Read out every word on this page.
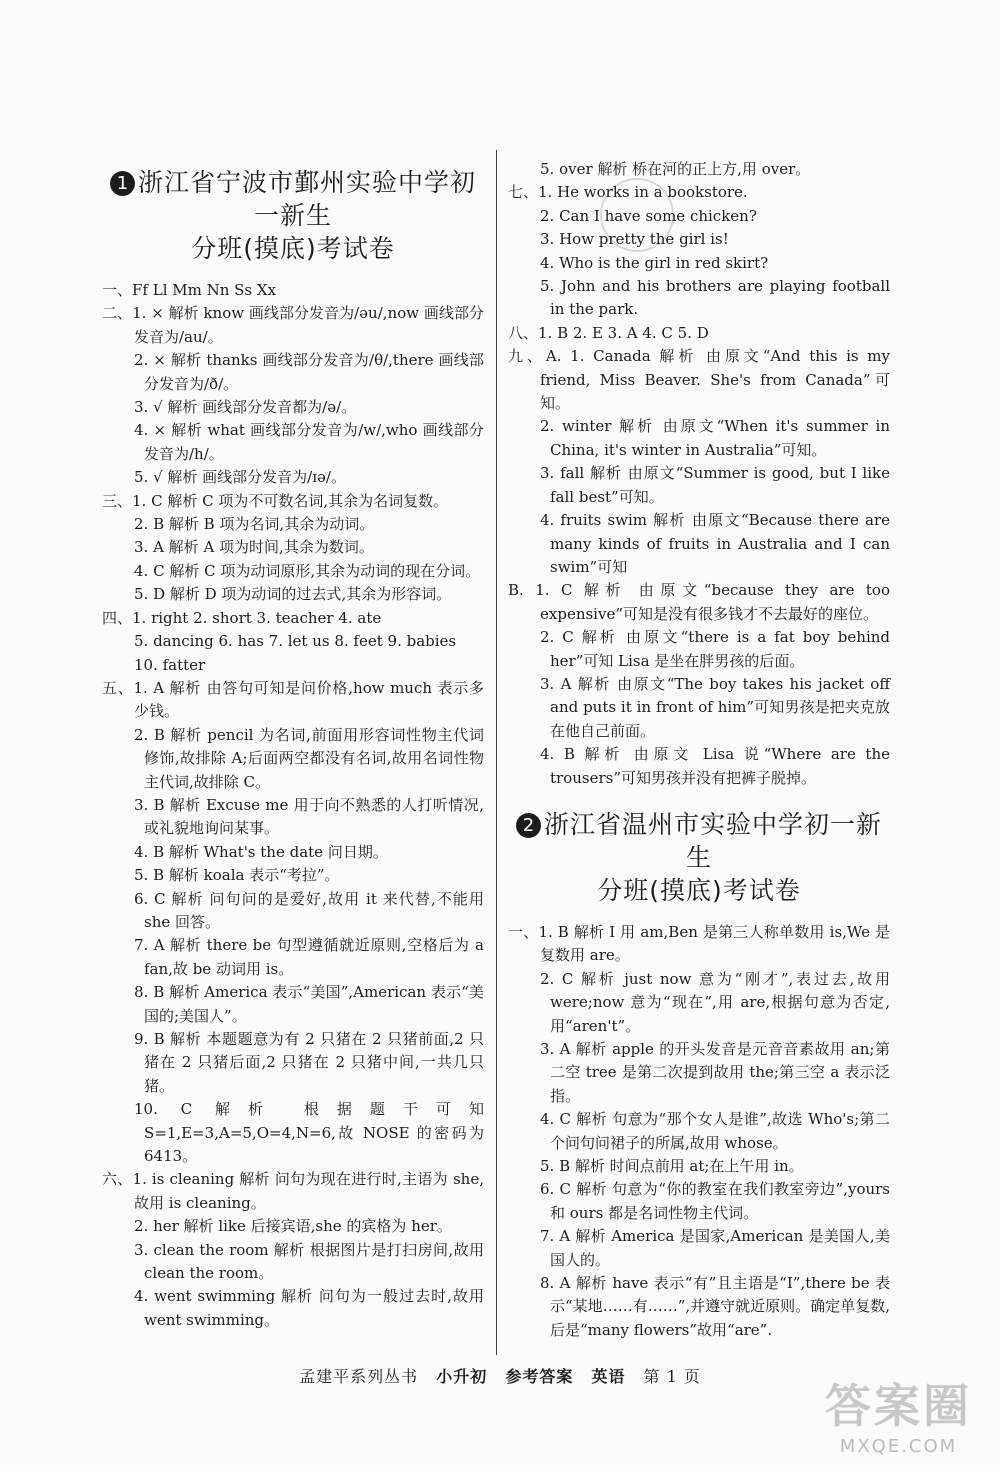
1 浙江省宁波市鄞州实验中学初一新生
分班(摸底)考试卷
一、Ff Ll Mm Nn Ss Xx
二、1. × 解析 know 画线部分发音为/əu/,now 画线部分发音为/au/。
2. × 解析 thanks 画线部分发音为/θ/,there 画线部分发音为/ð/。
3. √ 解析 画线部分发音都为/ə/。
4. × 解析 what 画线部分发音为/w/,who 画线部分发音为/h/。
5. √ 解析 画线部分发音为/ɪə/。
三、1. C 解析 C 项为不可数名词,其余为名词复数。
2. B 解析 B 项为名词,其余为动词。
3. A 解析 A 项为时间,其余为数词。
4. C 解析 C 项为动词原形,其余为动词的现在分词。
5. D 解析 D 项为动词的过去式,其余为形容词。
四、1. right 2. short 3. teacher 4. ate
5. dancing 6. has 7. let us 8. feet 9. babies
10. fatter
五、1. A 解析 由答句可知是问价格,how much 表示多少钱。
2. B 解析 pencil 为名词,前面用形容词性物主代词修饰,故排除 A;后面两空都没有名词,故用名词性物主代词,故排除 C。
3. B 解析 Excuse me 用于向不熟悉的人打听情况,或礼貌地询问某事。
4. B 解析 What's the date 问日期。
5. B 解析 koala 表示“考拉”。
6. C 解析 问句问的是爱好,故用 it 来代替,不能用 she 回答。
7. A 解析 there be 句型遵循就近原则,空格后为 a fan,故 be 动词用 is。
8. B 解析 America 表示“美国”,American 表示“美国的;美国人”。
9. B 解析 本题题意为有 2 只猪在 2 只猪前面,2 只猪在 2 只猪后面,2 只猪在 2 只猪中间,一共几只猪。
10. C 解析 根据题干可知 S=1,E=3,A=5,O=4,N=6,故 NOSE 的密码为 6413。
六、1. is cleaning 解析 问句为现在进行时,主语为 she,故用 is cleaning。
2. her 解析 like 后接宾语,she 的宾格为 her。
3. clean the room 解析 根据图片是打扫房间,故用 clean the room。
4. went swimming 解析 问句为一般过去时,故用 went swimming。
5. over 解析 桥在河的正上方,用 over。
七、1. He works in a bookstore.
2. Can I have some chicken?
3. How pretty the girl is!
4. Who is the girl in red skirt?
5. John and his brothers are playing football in the park.
八、1. B 2. E 3. A 4. C 5. D
九、A. 1. Canada 解析 由原文“And this is my friend, Miss Beaver. She's from Canada”可知。
2. winter 解析 由原文“When it's summer in China, it's winter in Australia”可知。
3. fall 解析 由原文“Summer is good, but I like fall best”可知。
4. fruits swim 解析 由原文“Because there are many kinds of fruits in Australia and I can swim”可知
B. 1. C 解析 由原文“because they are too expensive”可知是没有很多钱才不去最好的座位。
2. C 解析 由原文“there is a fat boy behind her”可知 Lisa 是坐在胖男孩的后面。
3. A 解析 由原文“The boy takes his jacket off and puts it in front of him”可知男孩是把夹克放在他自己前面。
4. B 解析 由原文 Lisa 说“Where are the trousers”可知男孩并没有把裤子脱掉。
2 浙江省温州市实验中学初一新生
分班(摸底)考试卷
一、1. B 解析 I 用 am,Ben 是第三人称单数用 is,We 是复数用 are。
2. C 解析 just now 意为“刚才”,表过去,故用 were;now 意为“现在”,用 are,根据句意为否定,用“aren't”。
3. A 解析 apple 的开头发音是元音音素故用 an;第二空 tree 是第二次提到故用 the;第三空 a 表示泛指。
4. C 解析 句意为“那个女人是谁”,故选 Who's;第二个问句问裙子的所属,故用 whose。
5. B 解析 时间点前用 at;在上午用 in。
6. C 解析 句意为“你的教室在我们教室旁边”,yours 和 ours 都是名词性物主代词。
7. A 解析 America 是国家,American 是美国人,美国人的。
8. A 解析 have 表示“有”且主语是“I”,there be 表示“某地……有……”,并遵守就近原则。确定单复数,后是“many flowers”故用“are”.
孟建平系列丛书 小升初 参考答案 英语 第 1 页
答案圈
MXQE.COM
